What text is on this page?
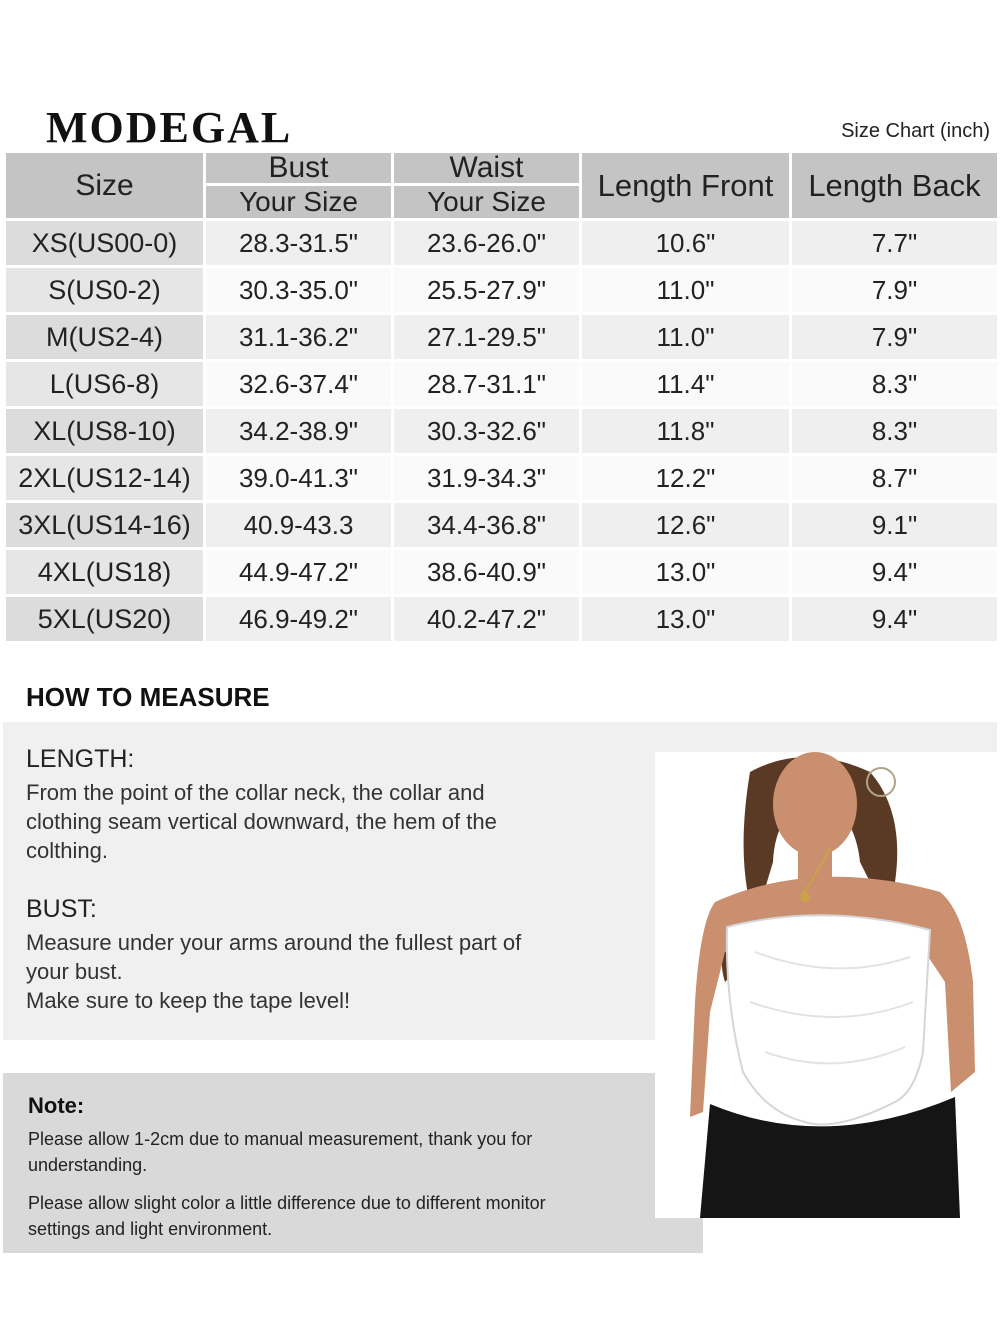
MODEGAL	Size Chart (inch)
Size	Bust	Waist	Length Front	Length Back
	Your Size	Your Size		
XS(US00-0)	28.3-31.5"	23.6-26.0"	10.6"	7.7"
S(US0-2)	30.3-35.0"	25.5-27.9"	11.0"	7.9"
M(US2-4)	31.1-36.2"	27.1-29.5"	11.0"	7.9"
L(US6-8)	32.6-37.4"	28.7-31.1"	11.4"	8.3"
XL(US8-10)	34.2-38.9"	30.3-32.6"	11.8"	8.3"
2XL(US12-14)	39.0-41.3"	31.9-34.3"	12.2"	8.7"
3XL(US14-16)	40.9-43.3	34.4-36.8"	12.6"	9.1"
4XL(US18)	44.9-47.2"	38.6-40.9"	13.0"	9.4"
5XL(US20)	46.9-49.2"	40.2-47.2"	13.0"	9.4"
HOW TO MEASURE
LENGTH:

From the point of the collar neck, the collar and clothing seam vertical downward, the hem of the colthing.

BUST:

Measure under your arms around the fullest part of your bust.

Make sure to keep the tape level!

Note:

Please allow 1-2cm due to manual measurement, thank you for understanding.

Please allow slight color a little difference due to different monitor settings and light environment.
